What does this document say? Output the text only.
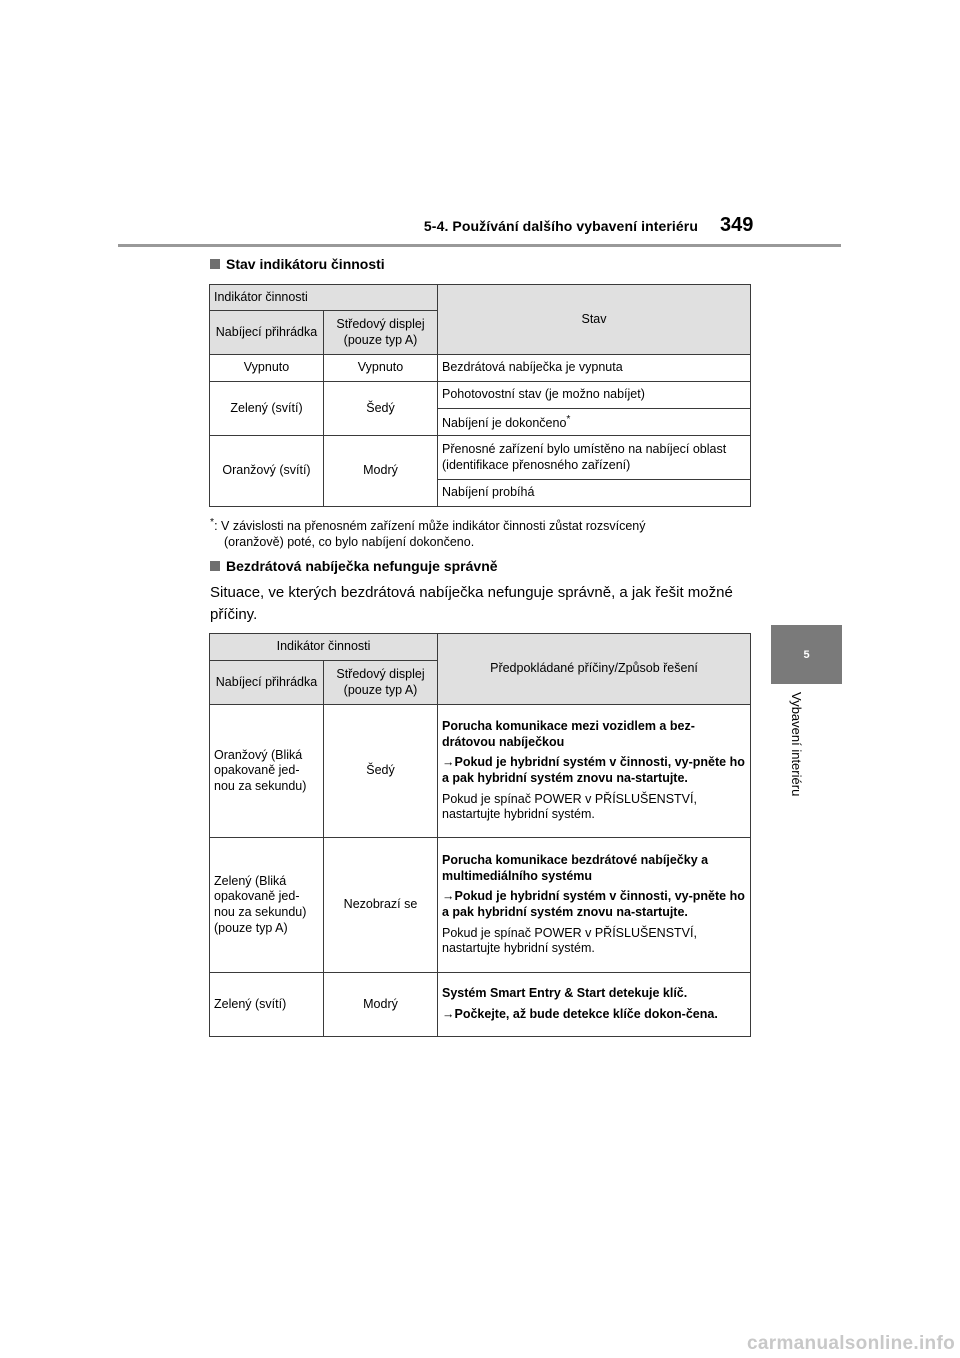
5-4. Používání dalšího vybavení interiéru 349
5
Vybavení interiéru
Stav indikátoru činnosti
Indikátor činnosti		Stav
Nabíjecí přihrádka	Středový displej (pouze typ A)	
Vypnuto	Vypnuto	Bezdrátová nabíječka je vypnuta
Zelený (svítí)	Šedý	Pohotovostní stav (je možno nabíjet)
		Nabíjení je dokončeno*
Oranžový (svítí)	Modrý	Přenosné zařízení bylo umístěno na nabíjecí oblast (identifikace přenosného zařízení)
		Nabíjení probíhá
*: V závislosti na přenosném zařízení může indikátor činnosti zůstat rozsvícený
(oranžově) poté, co bylo nabíjení dokončeno.
Bezdrátová nabíječka nefunguje správně
Situace, ve kterých bezdrátová nabíječka nefunguje správně, a jak řešit možné příčiny.
Indikátor činnosti		Předpokládané příčiny/Způsob řešení
Nabíjecí přihrádka	Středový displej (pouze typ A)	
Oranžový (Bliká opakovaně jed-nou za sekundu)	Šedý	Porucha komunikace mezi vozidlem a bez-drátovou nabíječkou

→Pokud je hybridní systém v činnosti, vy-pněte ho a pak hybridní systém znovu na-startujte.

Pokud je spínač POWER v PŘÍSLUŠENSTVÍ, nastartujte hybridní systém.

Zelený (Bliká opakovaně jed-nou za sekundu) (pouze typ A)	Nezobrazí se	Porucha komunikace bezdrátové nabíječky a multimediálního systému

→Pokud je hybridní systém v činnosti, vy-pněte ho a pak hybridní systém znovu na-startujte.

Pokud je spínač POWER v PŘÍSLUŠENSTVÍ, nastartujte hybridní systém.

Zelený (svítí)	Modrý	Systém Smart Entry & Start detekuje klíč.

→Počkejte, až bude detekce klíče dokon-čena.

carmanualsonline.info
